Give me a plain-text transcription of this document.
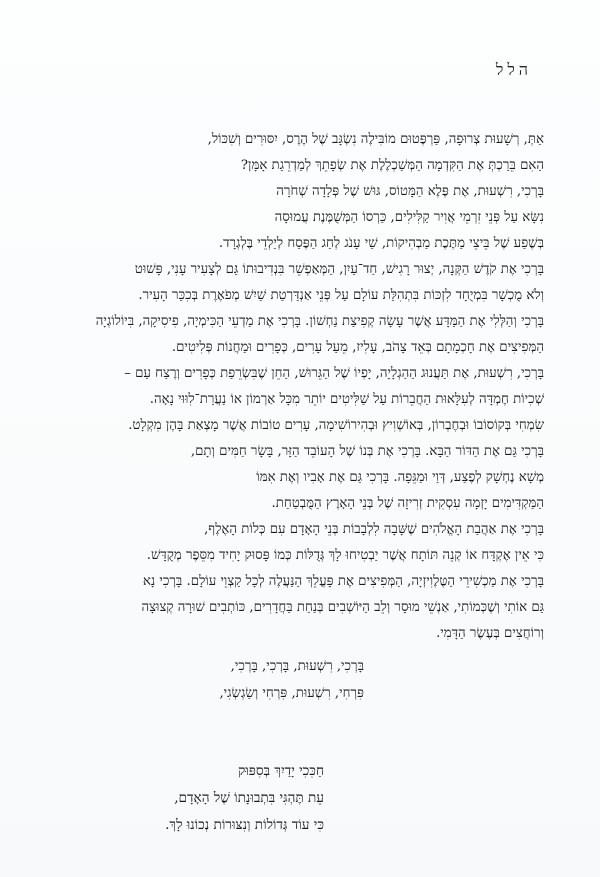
הלל
אַתְּ, רְשָׁעוּת צְרוּפָה, פַּרְפֶּטוּם מוֹבִּילֶה נִשְׂגָּב שֶׁל הֶרֶס, יִסּוּרִים וְשִׁכּוֹל,
הַאִם בֵּרַכְתְּ אֶת הַקִּדְמָה הַמְּשַׁכְלֶלֶת אֶת שְׂפָתֵךְ לְמַדְרֵגַת אָמָּן?
בָּרְכִי, רִשְׁעוּת, אֶת פֶּלֶא הַמָּטוֹס, גּוּשׁ שֶׁל פְּלָדָה שְׁחֹרָה
נִשָּׂא עַל פְּנֵי זִרְמֵי אֲוִיר קַלִּילִים, כַּרְסוֹ הַמְּשֻׁמֶּנֶת עֲמוּסָה
בְּשֶׁפַע שֶׁל בֵּיצֵי מַתֶּכֶת מַבְהִיקוֹת, שַׁי עָנֹג לְחַג הַפֶּסַח לְיַלְדֵי בֶּלְגְרָד.
בָּרְכִי אֶת קֹדֶשׁ הַקְּנָה, יְצוּר רָגִישׁ, חַד־עַיִן, הַמְּאַפְשֵׁר בִּנְדִיבוּתוֹ גַּם לְצָעִיר עָנִי, פָּשׁוּט
וְלֹא מֻכְשָׁר בִּמְיֻחָד לִזְכּוֹת בִּתְהִלַּת עוֹלָם עַל פְּנֵי אַנְדַּרְטַת שַׁיִשׁ מְפֹאֶרֶת בְּכִכַּר הָעִיר.
בָּרְכִי וְהַלְּלִי אֶת הַמַּדָּע אֲשֶׁר עָשָׂה קְפִיצַת נַחְשׁוֹן. בָּרְכִי אֶת מַדְעֵי הַכִּימְיָה, פִיסִיקָה, בִּיוֹלוֹגְיָה
הַמְּפִיצִים אֶת חָכְמָתָם בְּאֵד צָהֹב, עָלִיז, מֵעַל עָרִים, כְּפָרִים וּמַחֲנוֹת פְּלִיטִים.
בָּרְכִי, רִשְׁעוּת, אֶת תַּעֲנוּג הַהַגְלָיָה, יָפְיוֹ שֶׁל הַגֵּרוּשׁ, הַחֵן שֶׁבִּשְׂרֵפַת כְּפָרִים וְרֶצַח עַם –
שְׁכִיוֹת חֶמְדָּה לְעִלָּאוּת הַחֲבֵרוֹת עַל שַׁלִּיטִים יוֹתֵר מִכָּל אַרְמוֹן אוֹ נַעֲרַת־לִוּוּי נָאָה.
שִׂמְחִי בְּקוֹסוֹבוֹ וּבְחֶבְרוֹן, בְּאוֹשְׁוִיץ וּבְהִירוֹשִׁימָה, עָרִים טוֹבוֹת אֲשֶׁר מָצְאַת בָּהֶן מִקְלָט.
בָּרְכִי גַּם אֶת הַדּוֹר הַבָּא. בָּרְכִי אֶת בְּנוֹ שֶׁל הָעוֹבֵד הַזָּר, בָּשָׂר חַמִּים וְתָם,
מְשָׁא נֶחְשָׁק לְפֶצַע, דְּוַי וּמַגֵּפָה. בָּרְכִי גַּם אֶת אָבִיו וְאֶת אִמּוֹ
הַמַּקְדִּימִים יָזְמָה עִסְקִית זְרִיזָה שֶׁל בְּנֵי הָאָרֶץ הַמֻּבְטַחַת.
בָּרְכִי אֶת אַהֲבַת הָאֱלֹהִים שֶׁשָּׁבָה לִלְבָבוֹת בְּנֵי הָאָדָם עִם כְּלוֹת הָאֶלֶף,
כִּי אֵין אֶקְדָּח אוֹ קְנֵה תּוֹתָח אֲשֶׁר יַבְטִיחוּ לָךְ גְּדֻלּוֹת כְּמוֹ פָּסוּק יָחִיד מִסֵּפֶר מְקֻדָּשׁ.
בָּרְכִי אֶת מַכְשִׁירֵי הַטֶּלֶוִיזְיָה, הַמְּפִיצִים אֶת פָּעֳלֵךְ הַנַּעֲלֶה לְכָל קַצְוֵי עוֹלָם. בָּרְכִי נָא
גַּם אוֹתִי וְשֶׁכְּמוֹתִי, אַנְשֵׁי מוּסָר וְלֵב הַיּוֹשְׁבִים בְּנַחַת בַּחֲדָרִים, כּוֹתְבִים שׁוּרָה קְצוּצָה
וְרוֹחֲצִים בְּעֶשֶׂר הַדָּמִי.
בָּרְכִי, רִשְׁעוּת, בָּרְכִי, בָּרְכִי,
פִּרְחִי, רִשְׁעוּת, פִּרְחִי וְשַׂגְשְׂגִי,
חַכִּכִי יָדַיִךְ בְּסִפּוּק
עֵת תֶּהְגִּי בִּתְבוּנָתוֹ שֶׁל הָאָדָם,
כִּי עוֹד גְּדוֹלוֹת וְנִצּוּרוֹת נְכוֹנוּ לָךְ.
